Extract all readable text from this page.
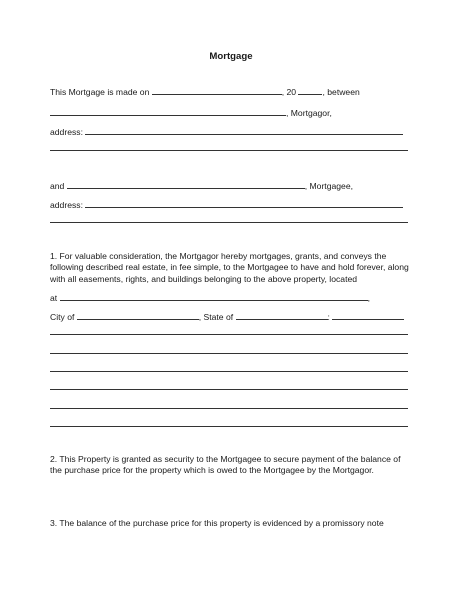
Mortgage
This Mortgage is made on	, 20	, between
, Mortgagor,
address:
and	, Mortgagee,
address:
1. For valuable consideration, the Mortgagor hereby mortgages, grants, and conveys the following described real estate, in fee simple, to the Mortgagee to have and hold forever, along with all easements, rights, and buildings belonging to the above property, located
at	,
City of	, State of	:
2. This Property is granted as security to the Mortgagee to secure payment of the balance of the purchase price for the property which is owed to the Mortgagee by the Mortgagor.
3. The balance of the purchase price for this property is evidenced by a promissory note
